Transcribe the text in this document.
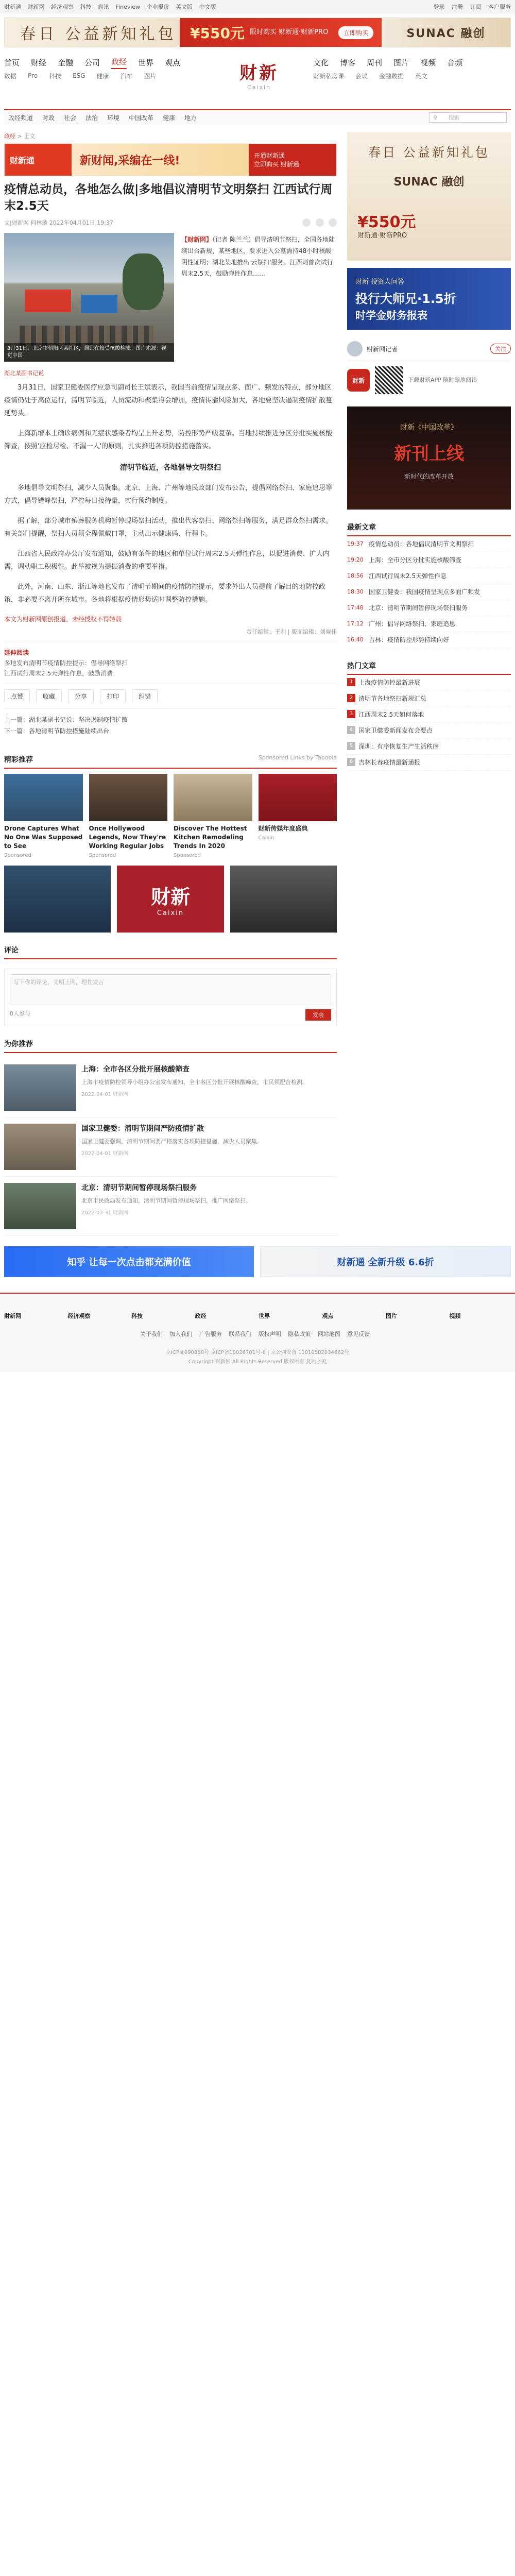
财新通 财新网 经济观察 科技 旗讯 Fineview 企业报价 英文版 中文版	登录 注册 订阅 客户服务
春日 公益新知礼包 ¥550元 限时购买 财新通·财新PRO	立即购买	SUNAC 融创
首页 财经 金融 公司 政经 世界 观点
数据 Pro 科技 ESG 健康 汽车 图片	财新
Caixin
文化 博客 周刊 图片 视频 音频
财新私房课 会议 金融数据 英文
政经频道 时政 社会 法治 环境 中国改革 健康 地方	⚲ 搜索
政经 > 正文
财新通	新财闻,采编在一线!	开通财新通
立即购买 财新通
疫情总动员，各地怎么做|多地倡议清明节文明祭扫 江西试行周末2.5天
文|财新网 何林璘 2022年04月01日 19:37

3月31日，北京市朝阳区某社区，居民在接受核酸检测。图片来源：视觉中国
【财新网】（记者 陈兰兰）倡导清明节祭扫，全国各地陆续出台新规，某些地区，要求进入公墓需持48小时核酸阴性证明；湖北某地推出'云祭扫'服务。江西则首次试行周末2.5天，鼓励弹性作息……
湖北某副书记说

3月31日，国家卫健委医疗应急司副司长王斌表示，我国当前疫情呈现点多、面广、频发的特点，部分地区疫情仍处于高位运行，清明节临近，人员流动和聚集将会增加，疫情传播风险加大，各地要坚决遏制疫情扩散蔓延势头。

上海新增本土确诊病例和无症状感染者均呈上升态势，防控形势严峻复杂。当地持续推进分区分批实施核酸筛查，按照'应检尽检、不漏一人'的原则，扎实推进各项防控措施落实。

清明节临近，各地倡导文明祭扫

多地倡导文明祭扫，减少人员聚集。北京、上海、广州等地民政部门发布公告，提倡网络祭扫、家庭追思等方式，倡导错峰祭扫，严控每日接待量，实行预约制度。

据了解，部分城市殡葬服务机构暂停现场祭扫活动，推出代客祭扫、网络祭扫等服务，满足群众祭扫需求。有关部门提醒，祭扫人员须全程佩戴口罩，主动出示健康码、行程卡。

江西省人民政府办公厅发布通知，鼓励有条件的地区和单位试行周末2.5天弹性作息，以促进消费、扩大内需，调动职工积极性。此举被视为提振消费的重要举措。

此外，河南、山东、浙江等地也发布了清明节期间的疫情防控提示，要求外出人员提前了解目的地防控政策，非必要不离开所在城市。各地将根据疫情形势适时调整防控措施。

本文为财新网原创报道，未经授权不得转载
责任编辑：王利 | 版面编辑：刘晓佳
延伸阅读
多地发布清明节疫情防控提示：倡导网络祭扫
江西试行周末2.5天弹性作息，鼓励消费
点赞	收藏	分享	打印	纠错
上一篇：湖北某副书记说：坚决遏制疫情扩散
下一篇：各地清明节防控措施陆续出台
精彩推荐	Sponsored Links by Taboola
Drone Captures What No One Was Supposed to See
Sponsored
Once Hollywood Legends, Now They're Working Regular Jobs
Sponsored
Discover The Hottest Kitchen Remodeling Trends In 2020
Sponsored
财新传媒年度盛典
Caixin
财新
Caixin
评论
写下你的评论，文明上网，理性发言
0人参与	发表
为你推荐
上海：全市各区分批开展核酸筛查
上海市疫情防控领导小组办公室发布通知，全市各区分批开展核酸筛查，市民须配合检测。
2022-04-01 财新网
国家卫健委：清明节期间严防疫情扩散
国家卫健委强调，清明节期间要严格落实各项防控措施，减少人员聚集。
2022-04-01 财新网
北京：清明节期间暂停现场祭扫服务
北京市民政局发布通知，清明节期间暂停现场祭扫，推广网络祭扫。
2022-03-31 财新网
春日 公益新知礼包
SUNAC 融创
¥550元
财新通·财新PRO
财新 投资人问答
投行大师兄·1.5折
时学金财务报表
财新网记者	关注
财新	下载财新APP 随时随地阅读
财新《中国改革》
新刊上线
新时代的改革开放
最新文章
19:37 疫情总动员：各地倡议清明节文明祭扫
19:20 上海：全市分区分批实施核酸筛查
18:56 江西试行周末2.5天弹性作息
18:30 国家卫健委：我国疫情呈现点多面广频发
17:48 北京：清明节期间暂停现场祭扫服务
17:12 广州：倡导网络祭扫、家庭追思
16:40 吉林：疫情防控形势持续向好
热门文章
1 上海疫情防控最新进展
2 清明节各地祭扫新规汇总
3 江西周末2.5天如何落地
4 国家卫健委新闻发布会要点
5 深圳：有序恢复生产生活秩序
6 吉林长春疫情最新通报
知乎 让每一次点击都充满价值	财新通 全新升级 6.6折
财新网	经济观察	科技	政经	世界	观点	图片	视频
关于我们 加入我们 广告服务 联系我们 版权声明 隐私政策 网站地图 意见反馈
京ICP证090880号 京ICP备10026701号-8 | 京公网安备 11010502034662号
Copyright 财新网 All Rights Reserved 版权所有 复制必究
